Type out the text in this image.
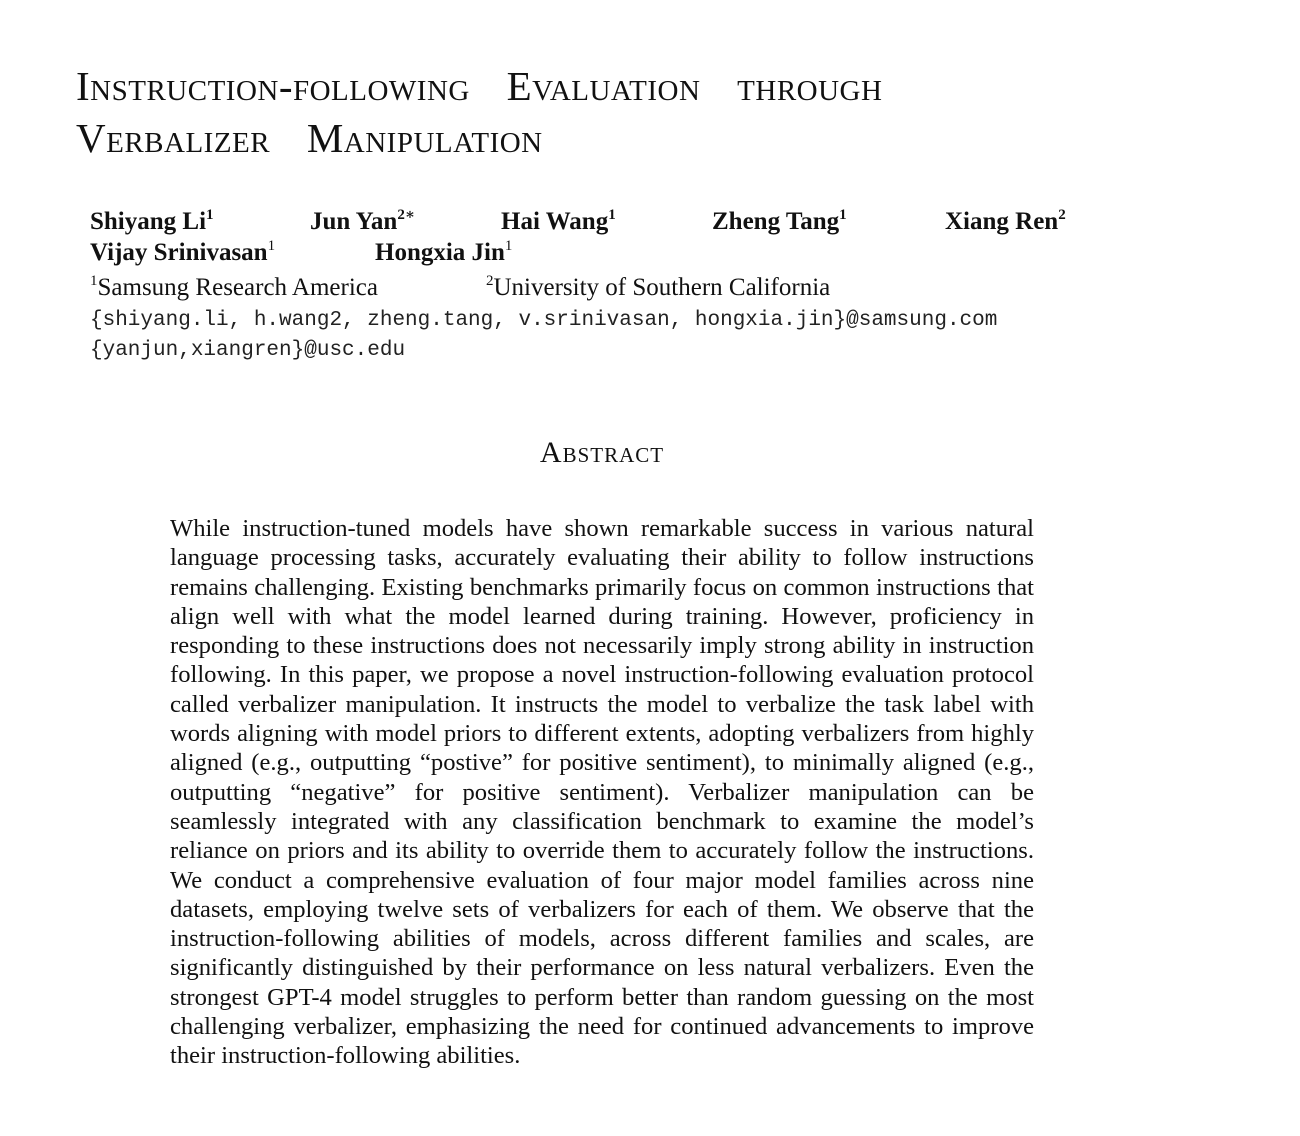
Instruction-following Evaluation through
Verbalizer Manipulation
Shiyang Li$^1$	Jun Yan$^{2∗}$	Hai Wang$^1$	Zheng Tang$^1$	Xiang Ren$^2$
Vijay Srinivasan$^1$	Hongxia Jin$^1$
$^1$Samsung Research America	$^2$University of Southern California
{shiyang.li, h.wang2, zheng.tang, v.srinivasan, hongxia.jin}@samsung.com
{yanjun,xiangren}@usc.edu
Abstract

While instruction-tuned models have shown remarkable success in various natural language processing tasks, accurately evaluating their ability to follow instructions remains challenging. Existing benchmarks primarily focus on common instructions that align well with what the model learned during training. However, proficiency in responding to these instructions does not necessarily imply strong ability in instruction following. In this paper, we propose a novel instruction-following evaluation protocol called verbalizer manipulation. It instructs the model to verbalize the task label with words aligning with model priors to different extents, adopting verbalizers from highly aligned (e.g., outputting “postive” for positive sentiment), to minimally aligned (e.g., outputting “negative” for positive sentiment). Verbalizer manipulation can be seamlessly integrated with any classification benchmark to examine the model’s reliance on priors and its ability to override them to accurately follow the instructions. We conduct a comprehensive evaluation of four major model families across nine datasets, employing twelve sets of verbalizers for each of them. We observe that the instruction-following abilities of models, across different families and scales, are significantly distinguished by their performance on less natural verbalizers. Even the strongest GPT-4 model struggles to perform better than random guessing on the most challenging verbalizer, emphasizing the need for continued advancements to improve their instruction-following abilities.
